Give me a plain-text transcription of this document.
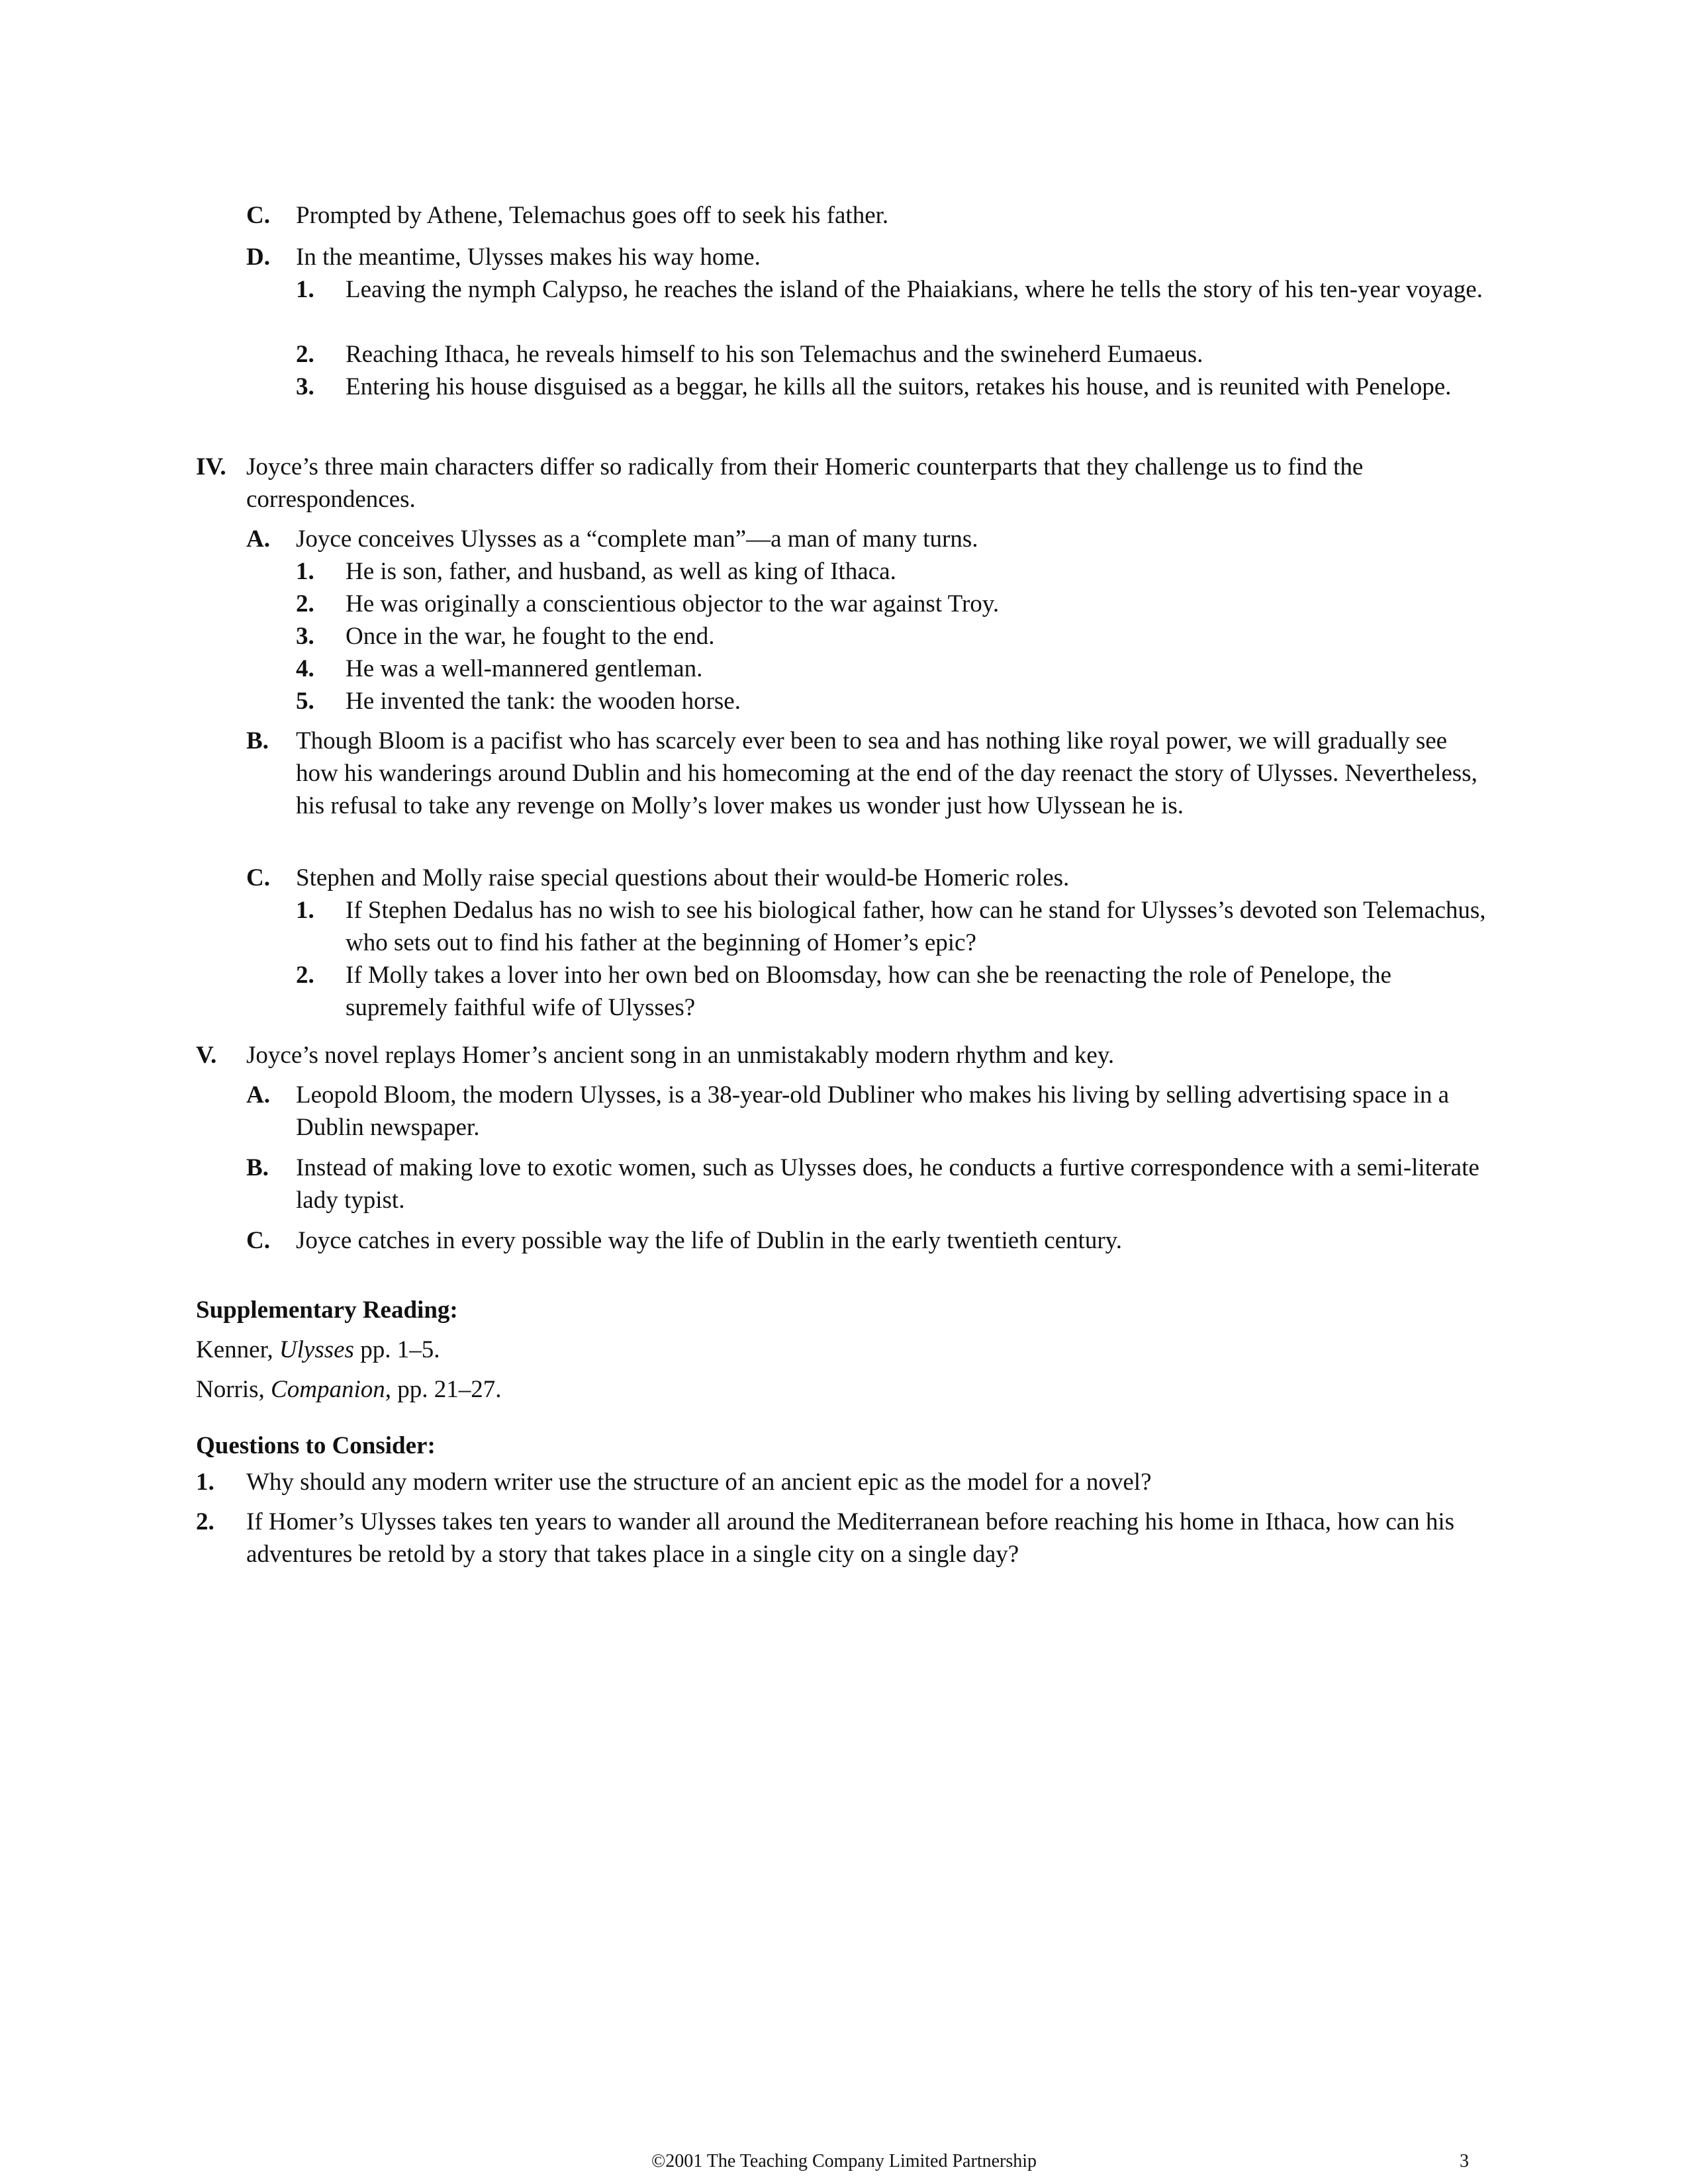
C. Prompted by Athene, Telemachus goes off to seek his father.
D. In the meantime, Ulysses makes his way home.
1. Leaving the nymph Calypso, he reaches the island of the Phaiakians, where he tells the story of his ten-year voyage.
2. Reaching Ithaca, he reveals himself to his son Telemachus and the swineherd Eumaeus.
3. Entering his house disguised as a beggar, he kills all the suitors, retakes his house, and is reunited with Penelope.
IV. Joyce’s three main characters differ so radically from their Homeric counterparts that they challenge us to find the correspondences.
A. Joyce conceives Ulysses as a “complete man”—a man of many turns.
1. He is son, father, and husband, as well as king of Ithaca.
2. He was originally a conscientious objector to the war against Troy.
3. Once in the war, he fought to the end.
4. He was a well-mannered gentleman.
5. He invented the tank: the wooden horse.
B. Though Bloom is a pacifist who has scarcely ever been to sea and has nothing like royal power, we will gradually see how his wanderings around Dublin and his homecoming at the end of the day reenact the story of Ulysses. Nevertheless, his refusal to take any revenge on Molly’s lover makes us wonder just how Ulyssean he is.
C. Stephen and Molly raise special questions about their would-be Homeric roles.
1. If Stephen Dedalus has no wish to see his biological father, how can he stand for Ulysses’s devoted son Telemachus, who sets out to find his father at the beginning of Homer’s epic?
2. If Molly takes a lover into her own bed on Bloomsday, how can she be reenacting the role of Penelope, the supremely faithful wife of Ulysses?
V. Joyce’s novel replays Homer’s ancient song in an unmistakably modern rhythm and key.
A. Leopold Bloom, the modern Ulysses, is a 38-year-old Dubliner who makes his living by selling advertising space in a Dublin newspaper.
B. Instead of making love to exotic women, such as Ulysses does, he conducts a furtive correspondence with a semi-literate lady typist.
C. Joyce catches in every possible way the life of Dublin in the early twentieth century.
Supplementary Reading:
Kenner, Ulysses pp. 1–5.
Norris, Companion, pp. 21–27.
Questions to Consider:
1. Why should any modern writer use the structure of an ancient epic as the model for a novel?
2. If Homer’s Ulysses takes ten years to wander all around the Mediterranean before reaching his home in Ithaca, how can his adventures be retold by a story that takes place in a single city on a single day?
©2001 The Teaching Company Limited Partnership	3
